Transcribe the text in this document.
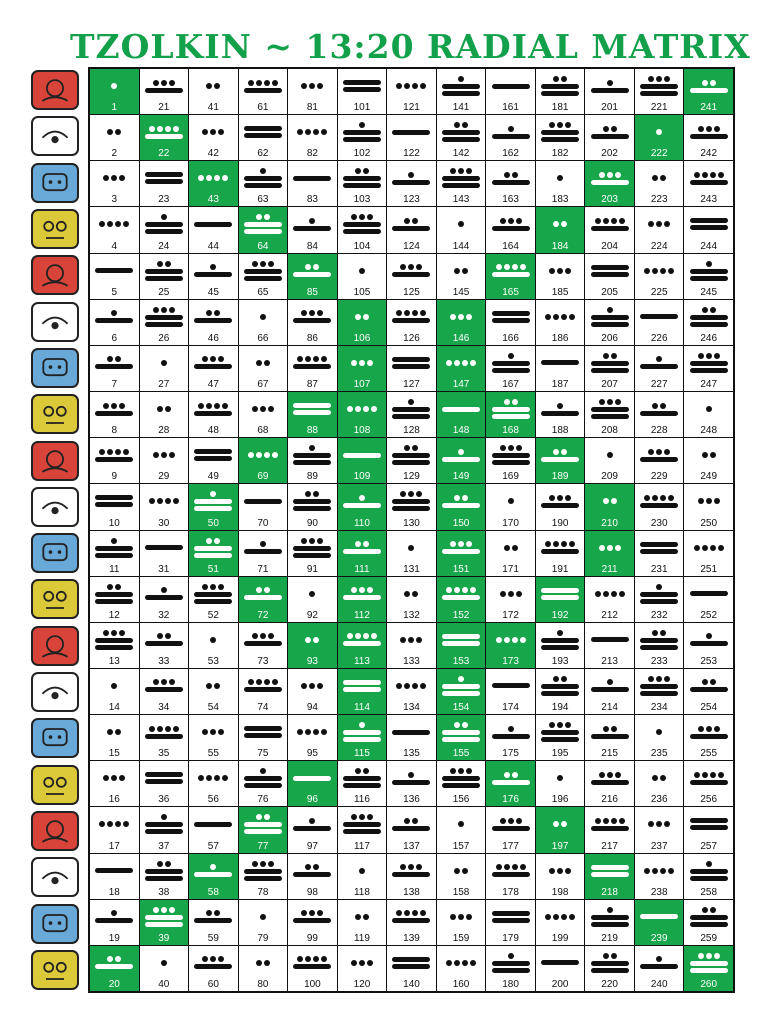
TZOLKIN ~ 13:20 RADIAL MATRIX
1	21	41	61	81	101	121	141	161	181	201	221	241
2	22	42	62	82	102	122	142	162	182	202	222	242
3	23	43	63	83	103	123	143	163	183	203	223	243
4	24	44	64	84	104	124	144	164	184	204	224	244
5	25	45	65	85	105	125	145	165	185	205	225	245
6	26	46	66	86	106	126	146	166	186	206	226	246
7	27	47	67	87	107	127	147	167	187	207	227	247
8	28	48	68	88	108	128	148	168	188	208	228	248
9	29	49	69	89	109	129	149	169	189	209	229	249
10	30	50	70	90	110	130	150	170	190	210	230	250
11	31	51	71	91	111	131	151	171	191	211	231	251
12	32	52	72	92	112	132	152	172	192	212	232	252
13	33	53	73	93	113	133	153	173	193	213	233	253
14	34	54	74	94	114	134	154	174	194	214	234	254
15	35	55	75	95	115	135	155	175	195	215	235	255
16	36	56	76	96	116	136	156	176	196	216	236	256
17	37	57	77	97	117	137	157	177	197	217	237	257
18	38	58	78	98	118	138	158	178	198	218	238	258
19	39	59	79	99	119	139	159	179	199	219	239	259
20	40	60	80	100	120	140	160	180	200	220	240	260
